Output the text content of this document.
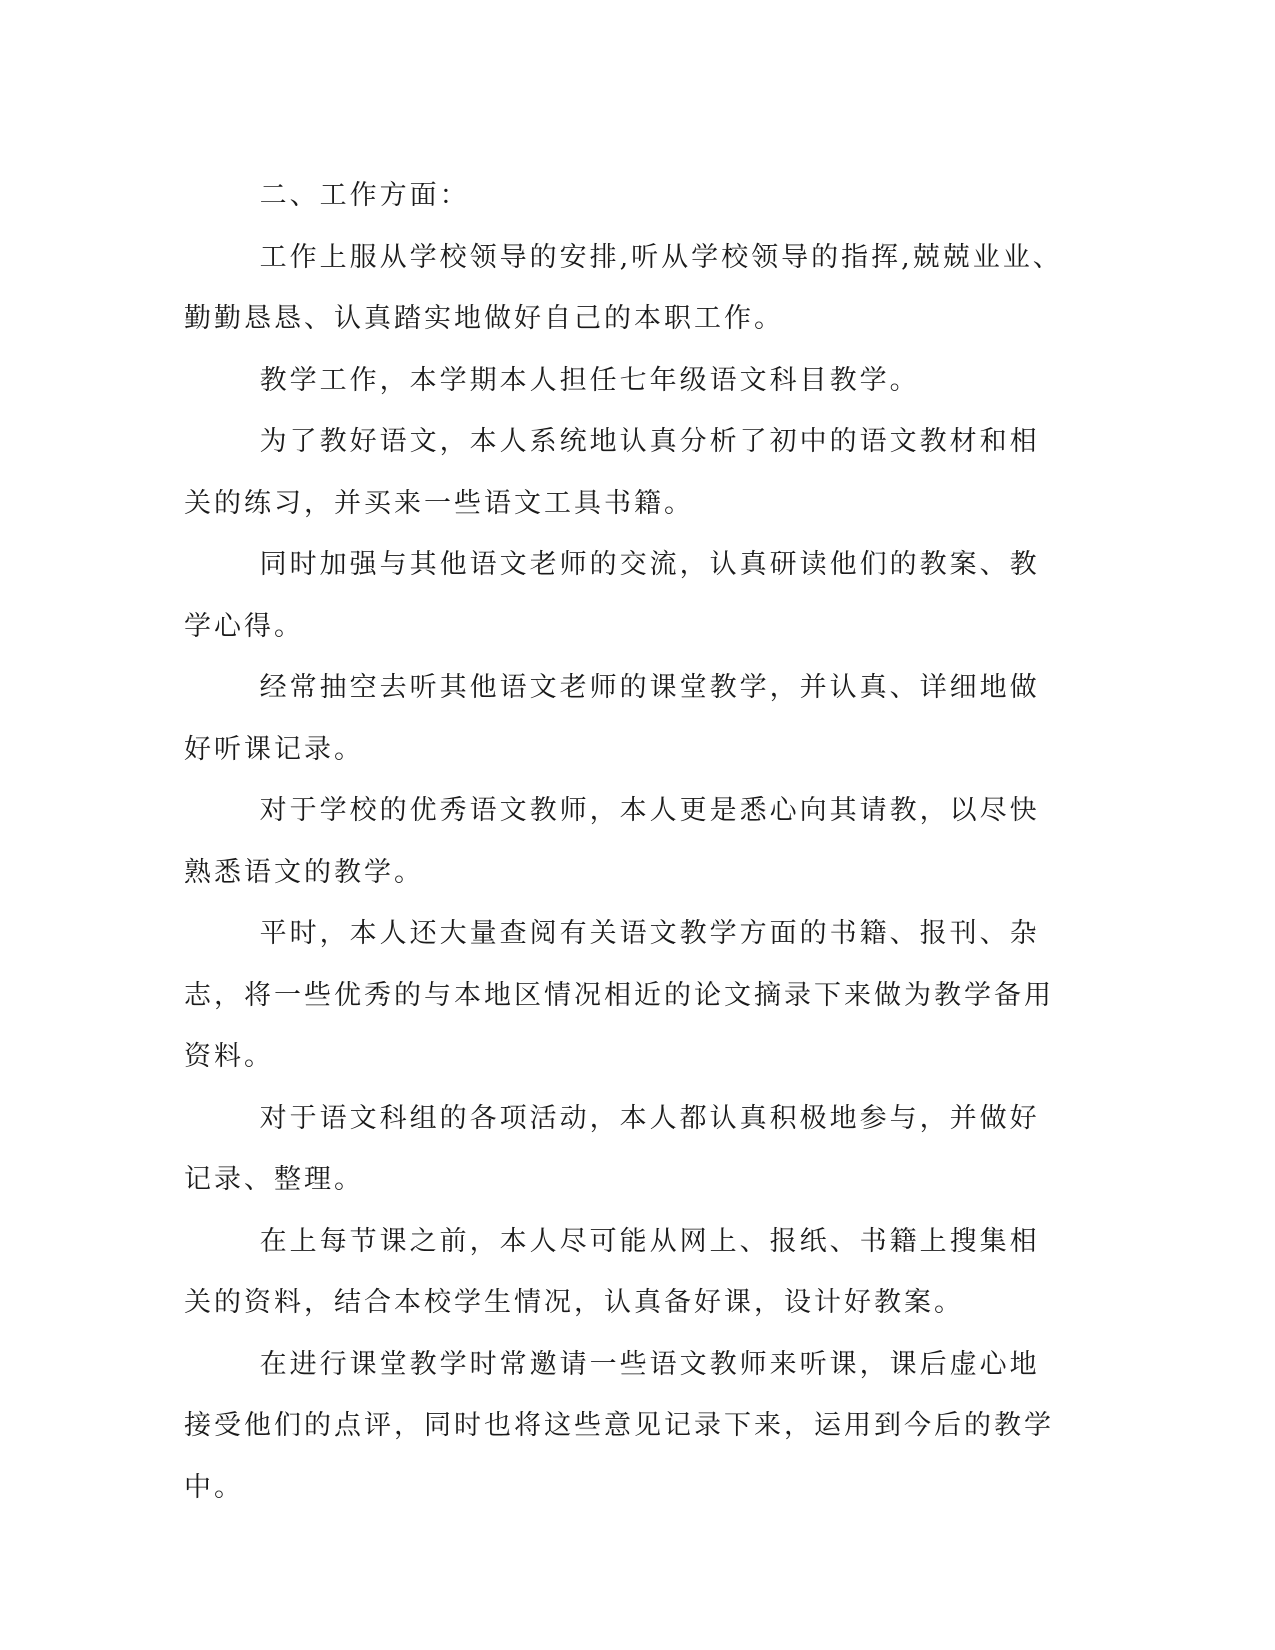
二、工作方面：

工作上服从学校领导的安排,听从学校领导的指挥,兢兢业业、勤勤恳恳、认真踏实地做好自己的本职工作。

教学工作，本学期本人担任七年级语文科目教学。

为了教好语文，本人系统地认真分析了初中的语文教材和相关的练习，并买来一些语文工具书籍。

同时加强与其他语文老师的交流，认真研读他们的教案、教学心得。

经常抽空去听其他语文老师的课堂教学，并认真、详细地做好听课记录。

对于学校的优秀语文教师，本人更是悉心向其请教，以尽快熟悉语文的教学。

平时，本人还大量查阅有关语文教学方面的书籍、报刊、杂志，将一些优秀的与本地区情况相近的论文摘录下来做为教学备用资料。

对于语文科组的各项活动，本人都认真积极地参与，并做好记录、整理。

在上每节课之前，本人尽可能从网上、报纸、书籍上搜集相关的资料，结合本校学生情况，认真备好课，设计好教案。

在进行课堂教学时常邀请一些语文教师来听课，课后虚心地接受他们的点评，同时也将这些意见记录下来，运用到今后的教学中。
